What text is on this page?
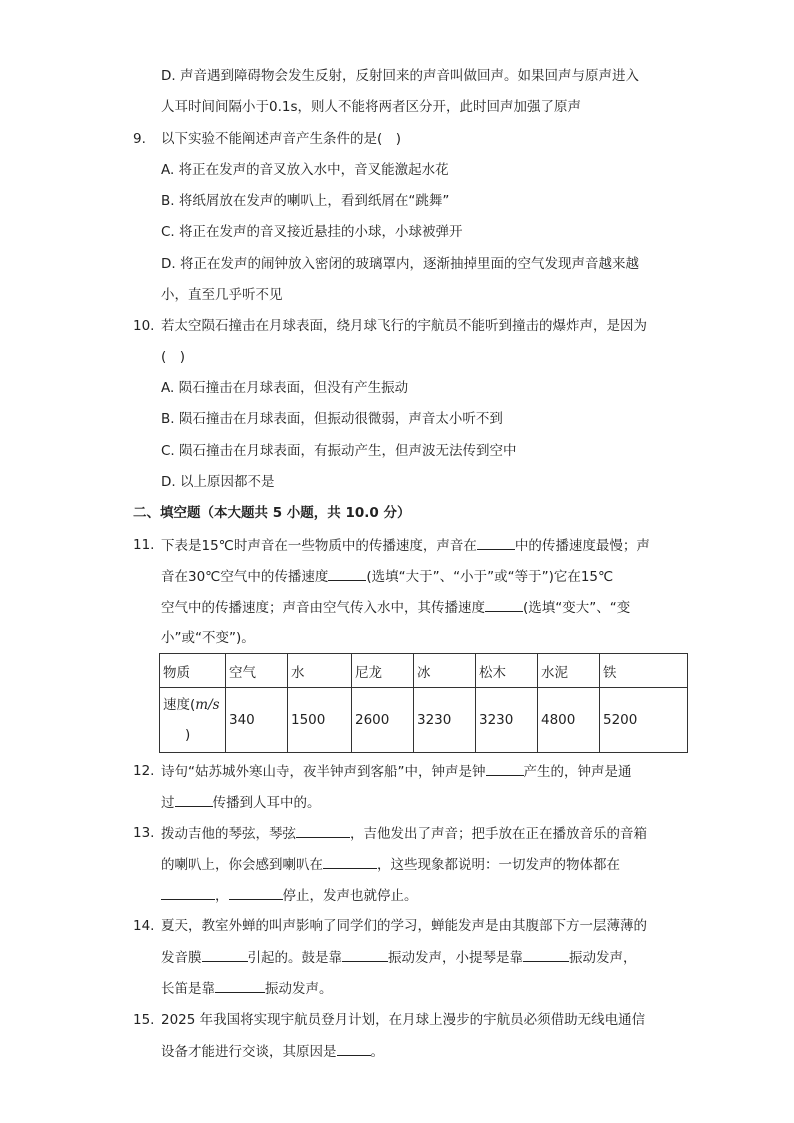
D. 声音遇到障碍物会发生反射，反射回来的声音叫做回声。如果回声与原声进入
人耳时间间隔小于0.1s，则人不能将两者区分开，此时回声加强了原声
9. 以下实验不能阐述声音产生条件的是(　)
A. 将正在发声的音叉放入水中，音叉能激起水花
B. 将纸屑放在发声的喇叭上，看到纸屑在“跳舞”
C. 将正在发声的音叉接近悬挂的小球，小球被弹开
D. 将正在发声的闹钟放入密闭的玻璃罩内，逐渐抽掉里面的空气发现声音越来越
小，直至几乎听不见
10. 若太空陨石撞击在月球表面，绕月球飞行的宇航员不能听到撞击的爆炸声，是因为
(　)
A. 陨石撞击在月球表面，但没有产生振动
B. 陨石撞击在月球表面，但振动很微弱，声音太小听不到
C. 陨石撞击在月球表面，有振动产生，但声波无法传到空中
D. 以上原因都不是
二、填空题（本大题共 5 小题，共 10.0 分）
11. 下表是15℃时声音在一些物质中的传播速度，声音在	中的传播速度最慢；声
音在30℃空气中的传播速度	(选填“大于”、“小于”或“等于”)它在15℃
空气中的传播速度；声音由空气传入水中，其传播速度	(选填“变大”、“变
小”或“不变”)。
物质	空气	水	尼龙	冰	松木	水泥	铁
速度(m/s
)	340	1500	2600	3230	3230	4800	5200
12. 诗句“姑苏城外寒山寺，夜半钟声到客船”中，钟声是钟	产生的，钟声是通
过	传播到人耳中的。
13. 拨动吉他的琴弦，琴弦	，吉他发出了声音；把手放在正在播放音乐的音箱
的喇叭上，你会感到喇叭在	，这些现象都说明：一切发声的物体都在
，	停止，发声也就停止。
14. 夏天，教室外蝉的叫声影响了同学们的学习，蝉能发声是由其腹部下方一层薄薄的
发音膜	引起的。鼓是靠	振动发声，小提琴是靠	振动发声，
长笛是靠	振动发声。
15. 2025 年我国将实现宇航员登月计划，在月球上漫步的宇航员必须借助无线电通信
设备才能进行交谈，其原因是	。
